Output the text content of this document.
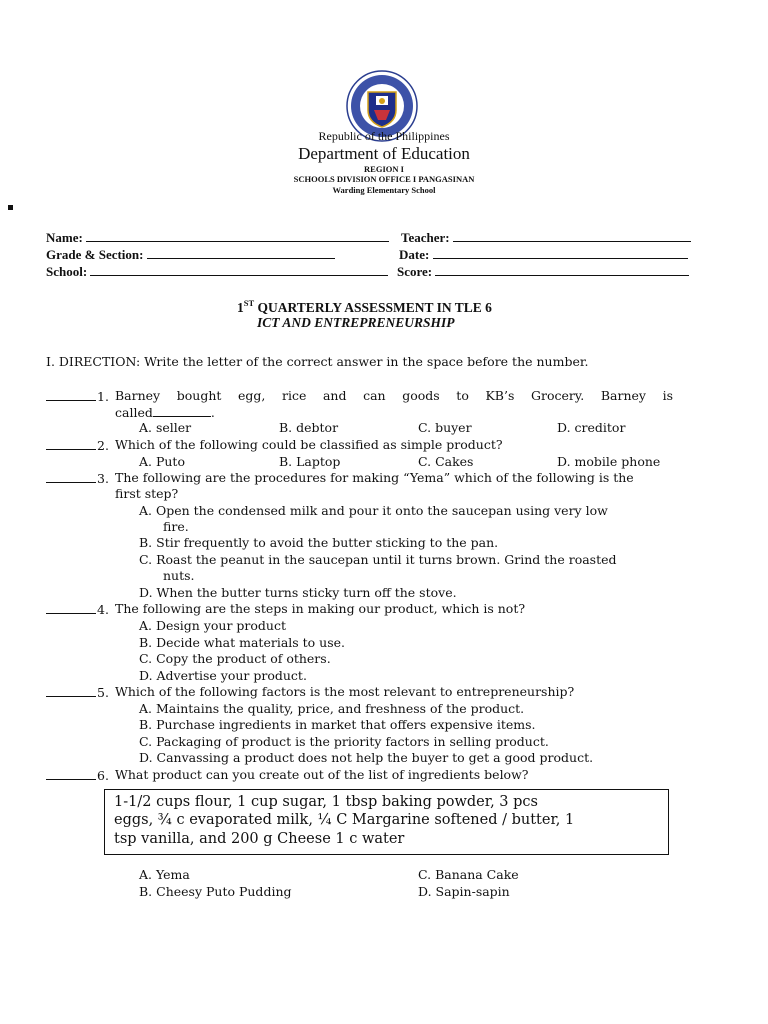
Republic of the Philippines
Department of Education
REGION I
SCHOOLS DIVISION OFFICE I PANGASINAN
Warding Elementary School
Name:	Teacher:
Grade & Section:	Date:
School:	Score:
1ST QUARTERLY ASSESSMENT IN TLE 6
ICT AND ENTREPRENEURSHIP
I. DIRECTION: Write the letter of the correct answer in the space before the number.
1. Barney bought egg, rice and can goods to KB’s Grocery. Barney is
called	.
A. seller	B. debtor	C. buyer	D. creditor
2. Which of the following could be classified as simple product?
A. Puto	B. Laptop	C. Cakes	D. mobile phone
3. The following are the procedures for making “Yema” which of the following is the
first step?
A. Open the condensed milk and pour it onto the saucepan using very low
fire.
B. Stir frequently to avoid the butter sticking to the pan.
C. Roast the peanut in the saucepan until it turns brown. Grind the roasted
nuts.
D. When the butter turns sticky turn off the stove.
4. The following are the steps in making our product, which is not?
A. Design your product
B. Decide what materials to use.
C. Copy the product of others.
D. Advertise your product.
5. Which of the following factors is the most relevant to entrepreneurship?
A. Maintains the quality, price, and freshness of the product.
B. Purchase ingredients in market that offers expensive items.
C. Packaging of product is the priority factors in selling product.
D. Canvassing a product does not help the buyer to get a good product.
6. What product can you create out of the list of ingredients below?
1-1/2 cups flour, 1 cup sugar, 1 tbsp baking powder, 3 pcs
eggs, ¾ c evaporated milk, ¼ C Margarine softened / butter, 1
tsp vanilla, and 200 g Cheese 1 c water
A. Yema	C. Banana Cake
B. Cheesy Puto Pudding	D. Sapin-sapin
